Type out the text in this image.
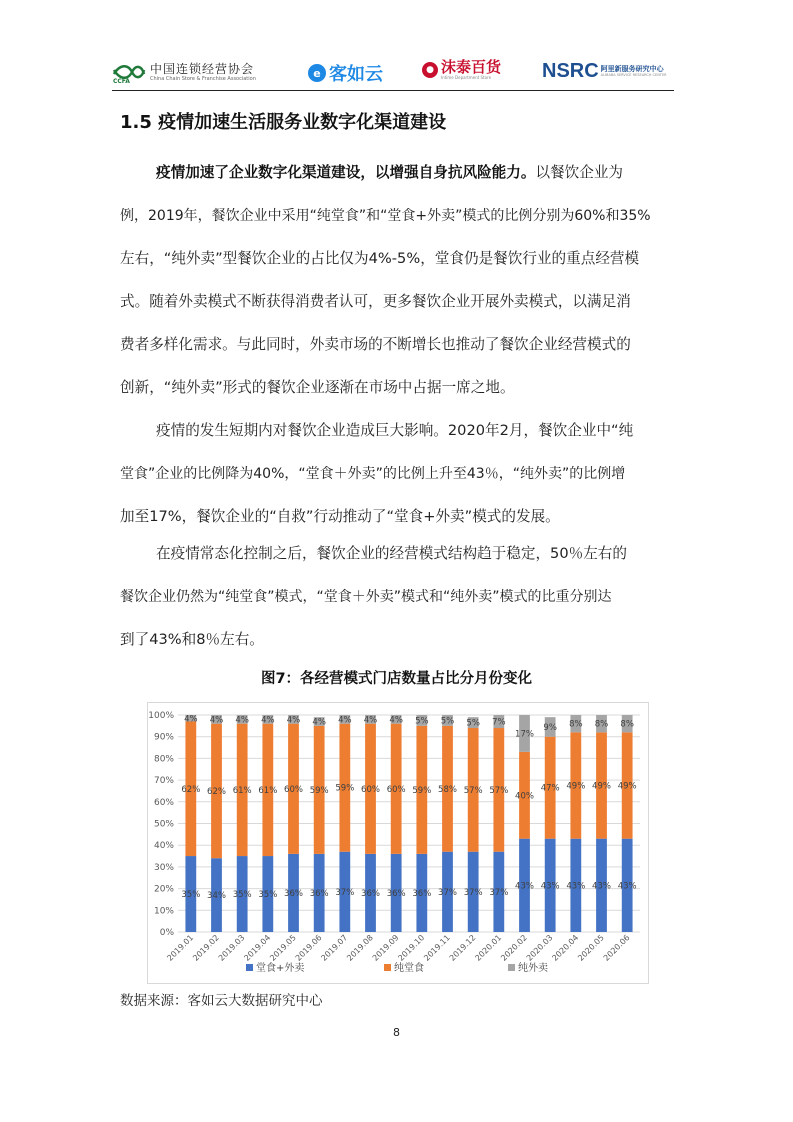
CCFA
中国连锁经营协会
China Chain Store & Franchise Association	e 客如云	● 沫泰百货
Intime Department Store	NSRC 阿里新服务研究中心
ALIBABA SERVICE RESEARCH CENTER
1.5 疫情加速生活服务业数字化渠道建设
疫情加速了企业数字化渠道建设，以增强自身抗风险能力。以餐饮企业为
例，2019年，餐饮企业中采用“纯堂食”和“堂食+外卖”模式的比例分别为60%和35%
左右，“纯外卖”型餐饮企业的占比仅为4%-5%，堂食仍是餐饮行业的重点经营模
式。随着外卖模式不断获得消费者认可，更多餐饮企业开展外卖模式，以满足消
费者多样化需求。与此同时，外卖市场的不断增长也推动了餐饮企业经营模式的
创新，“纯外卖”形式的餐饮企业逐渐在市场中占据一席之地。
疫情的发生短期内对餐饮企业造成巨大影响。2020年2月，餐饮企业中“纯
堂食”企业的比例降为40%，“堂食＋外卖”的比例上升至43％，“纯外卖”的比例增
加至17%，餐饮企业的“自救”行动推动了“堂食+外卖”模式的发展。
在疫情常态化控制之后，餐饮企业的经营模式结构趋于稳定，50％左右的
餐饮企业仍然为“纯堂食”模式，“堂食＋外卖”模式和“纯外卖”模式的比重分别达
到了43%和8％左右。
图7：各经营模式门店数量占比分月份变化
0%
10%
20%
30%
40%
50%
60%
70%
80%
90%
100%
35%
62%
4%
2019.01
34%
62%
4%
2019.02
35%
61%
4%
2019.03
35%
61%
4%
2019.04
36%
60%
4%
2019.05
36%
59%
4%
2019.06
37%
59%
4%
2019.07
36%
60%
4%
2019.08
36%
60%
4%
2019.09
36%
59%
5%
2019.10
37%
58%
5%
2019.11
37%
57%
5%
2019.12
37%
57%
7%
2020.01
43%
40%
17%
2020.02
43%
47%
9%
2020.03
43%
49%
8%
2020.04
43%
49%
8%
2020.05
43%
49%
8%
2020.06
堂食+外卖	纯堂食	纯外卖
数据来源：客如云大数据研究中心
8
